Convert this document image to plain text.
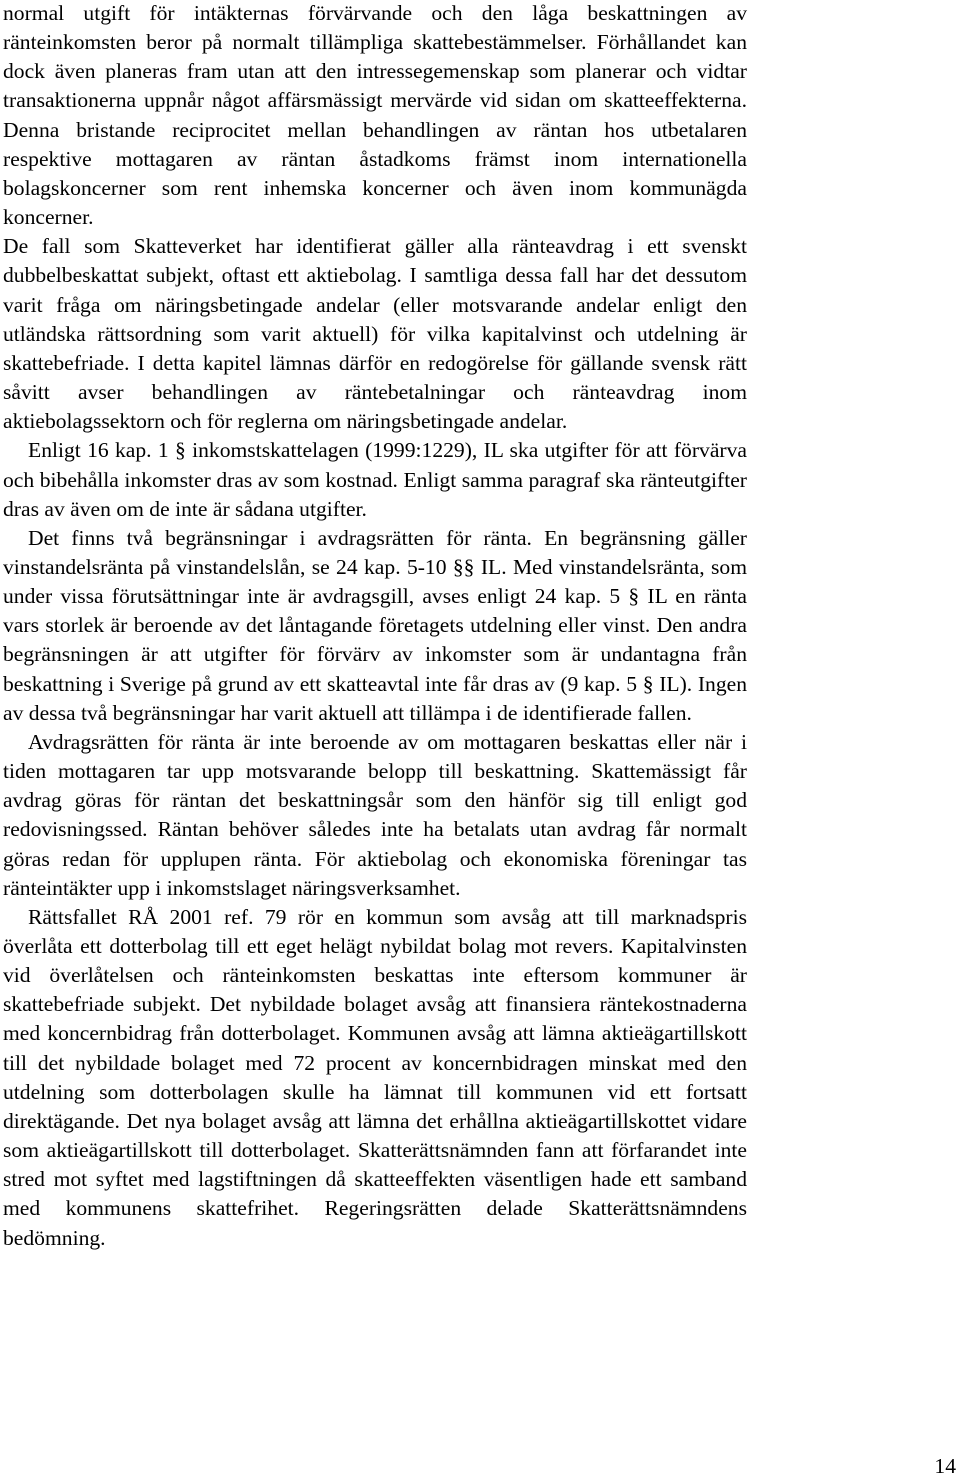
normal utgift för intäkternas förvärvande och den låga beskattningen av ränteinkomsten beror på normalt tillämpliga skattebestämmelser. Förhållandet kan dock även planeras fram utan att den intressegemenskap som planerar och vidtar transaktionerna uppnår något affärsmässigt mervärde vid sidan om skatteeffekterna. Denna bristande reciprocitet mellan behandlingen av räntan hos utbetalaren respektive mottagaren av räntan åstadkoms främst inom internationella bolagskoncerner som rent inhemska koncerner och även inom kommunägda koncerner.

De fall som Skatteverket har identifierat gäller alla ränteavdrag i ett svenskt dubbelbeskattat subjekt, oftast ett aktiebolag. I samtliga dessa fall har det dessutom varit fråga om näringsbetingade andelar (eller motsvarande andelar enligt den utländska rättsordning som varit aktuell) för vilka kapitalvinst och utdelning är skattebefriade. I detta kapitel lämnas därför en redogörelse för gällande svensk rätt såvitt avser behandlingen av räntebetalningar och ränteavdrag inom aktiebolagssektorn och för reglerna om näringsbetingade andelar.

Enligt 16 kap. 1 § inkomstskattelagen (1999:1229), IL ska utgifter för att förvärva och bibehålla inkomster dras av som kostnad. Enligt samma paragraf ska ränteutgifter dras av även om de inte är sådana utgifter.

Det finns två begränsningar i avdragsrätten för ränta. En begränsning gäller vinstandelsränta på vinstandelslån, se 24 kap. 5-10 §§ IL. Med vinstandelsränta, som under vissa förutsättningar inte är avdragsgill, avses enligt 24 kap. 5 § IL en ränta vars storlek är beroende av det låntagande företagets utdelning eller vinst. Den andra begränsningen är att utgifter för förvärv av inkomster som är undantagna från beskattning i Sverige på grund av ett skatteavtal inte får dras av (9 kap. 5 § IL). Ingen av dessa två begränsningar har varit aktuell att tillämpa i de identifierade fallen.

Avdragsrätten för ränta är inte beroende av om mottagaren beskattas eller när i tiden mottagaren tar upp motsvarande belopp till beskattning. Skattemässigt får avdrag göras för räntan det beskattningsår som den hänför sig till enligt god redovisningssed. Räntan behöver således inte ha betalats utan avdrag får normalt göras redan för upplupen ränta. För aktiebolag och ekonomiska föreningar tas ränteintäkter upp i inkomstslaget näringsverksamhet.

Rättsfallet RÅ 2001 ref. 79 rör en kommun som avsåg att till marknadspris överlåta ett dotterbolag till ett eget helägt nybildat bolag mot revers. Kapitalvinsten vid överlåtelsen och ränteinkomsten beskattas inte eftersom kommuner är skattebefriade subjekt. Det nybildade bolaget avsåg att finansiera räntekostnaderna med koncernbidrag från dotterbolaget. Kommunen avsåg att lämna aktieägartillskott till det nybildade bolaget med 72 procent av koncernbidragen minskat med den utdelning som dotterbolagen skulle ha lämnat till kommunen vid ett fortsatt direktägande. Det nya bolaget avsåg att lämna det erhållna aktieägartillskottet vidare som aktieägartillskott till dotterbolaget. Skatterättsnämnden fann att förfarandet inte stred mot syftet med lagstiftningen då skatteeffekten väsentligen hade ett samband med kommunens skattefrihet. Regeringsrätten delade Skatterättsnämndens bedömning.

14
